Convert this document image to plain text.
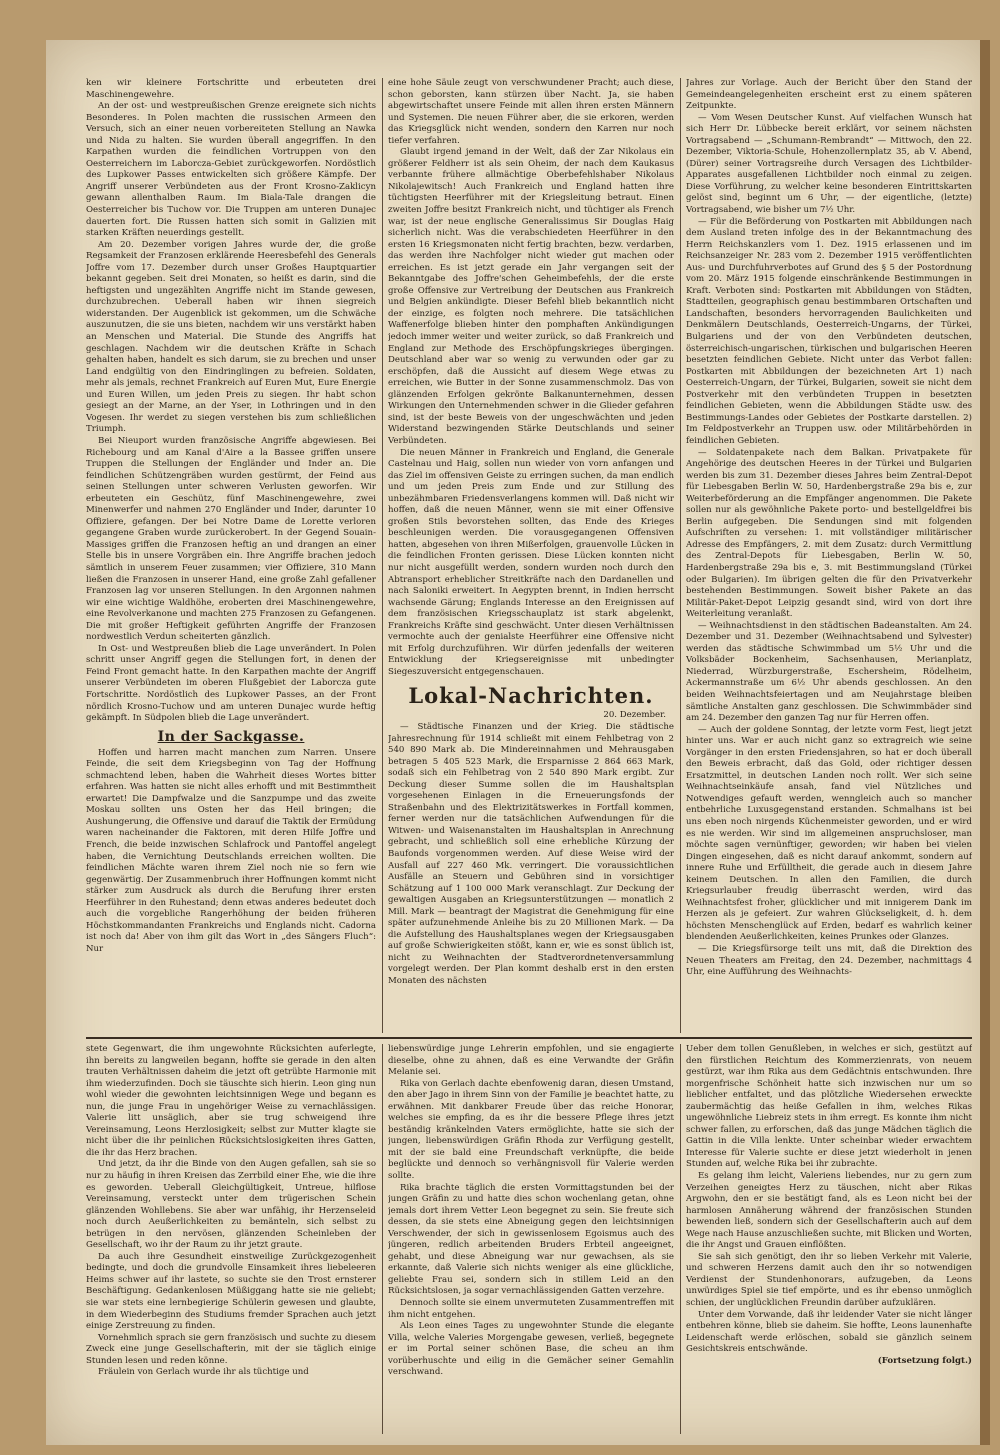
ken wir kleinere Fortschritte und erbeuteten drei Maschinengewehre.

An der ost- und westpreußischen Grenze ereignete sich nichts Besonderes. In Polen machten die russischen Armeen den Versuch, sich an einer neuen vorbereiteten Stellung an Nawka und Nida zu halten. Sie wurden überall angegriffen. In den Karpathen wurden die feindlichen Vortruppen von den Oesterreichern im Laborcza-Gebiet zurückgeworfen. Nordöstlich des Lupkower Passes entwickelten sich größere Kämpfe. Der Angriff unserer Verbündeten aus der Front Krosno-Zaklicyn gewann allenthalben Raum. Im Biala-Tale drangen die Oesterreicher bis Tuchow vor. Die Truppen am unteren Dunajec dauerten fort. Die Russen hatten sich somit in Galizien mit starken Kräften neuerdings gestellt.

Am 20. Dezember vorigen Jahres wurde der, die große Regsamkeit der Franzosen erklärende Heeresbefehl des Generals Joffre vom 17. Dezember durch unser Großes Hauptquartier bekannt gegeben. Seit drei Monaten, so heißt es darin, sind die heftigsten und ungezählten Angriffe nicht im Stande gewesen, durchzubrechen. Ueberall haben wir ihnen siegreich widerstanden. Der Augenblick ist gekommen, um die Schwäche auszunutzen, die sie uns bieten, nachdem wir uns verstärkt haben an Menschen und Material. Die Stunde des Angriffs hat geschlagen. Nachdem wir die deutschen Kräfte in Schach gehalten haben, handelt es sich darum, sie zu brechen und unser Land endgültig von den Eindringlingen zu befreien. Soldaten, mehr als jemals, rechnet Frankreich auf Euren Mut, Eure Energie und Euren Willen, um jeden Preis zu siegen. Ihr habt schon gesiegt an der Marne, an der Yser, in Lothringen und in den Vogesen. Ihr werdet zu siegen verstehen bis zum schließlichen Triumph.

Bei Nieuport wurden französische Angriffe abgewiesen. Bei Richebourg und am Kanal d'Aire a la Bassee griffen unsere Truppen die Stellungen der Engländer und Inder an. Die feindlichen Schützengräben wurden gestürmt, der Feind aus seinen Stellungen unter schweren Verlusten geworfen. Wir erbeuteten ein Geschütz, fünf Maschinengewehre, zwei Minenwerfer und nahmen 270 Engländer und Inder, darunter 10 Offiziere, gefangen. Der bei Notre Dame de Lorette verloren gegangene Graben wurde zurückerobert. In der Gegend Souain-Massiges griffen die Franzosen heftig an und drangen an einer Stelle bis in unsere Vorgräben ein. Ihre Angriffe brachen jedoch sämtlich in unserem Feuer zusammen; vier Offiziere, 310 Mann ließen die Franzosen in unserer Hand, eine große Zahl gefallener Franzosen lag vor unseren Stellungen. In den Argonnen nahmen wir eine wichtige Waldhöhe, eroberten drei Maschinengewehre, eine Revolverkanone und machten 275 Franzosen zu Gefangenen. Die mit großer Heftigkeit geführten Angriffe der Franzosen nordwestlich Verdun scheiterten gänzlich.

In Ost- und Westpreußen blieb die Lage unverändert. In Polen schritt unser Angriff gegen die Stellungen fort, in denen der Feind Front gemacht hatte. In den Karpathen machte der Angriff unserer Verbündeten im oberen Flußgebiet der Laborcza gute Fortschritte. Nordöstlich des Lupkower Passes, an der Front nördlich Krosno-Tuchow und am unteren Dunajec wurde heftig gekämpft. In Südpolen blieb die Lage unverändert.

In der Sackgasse.

Hoffen und harren macht manchen zum Narren. Unsere Feinde, die seit dem Kriegsbeginn von Tag der Hoffnung schmachtend leben, haben die Wahrheit dieses Wortes bitter erfahren. Was hatten sie nicht alles erhofft und mit Bestimmtheit erwartet! Die Dampfwalze und die Sanzpumpe und das zweite Moskau sollten uns Osten her das Heil bringen; die Aushungerung, die Offensive und darauf die Taktik der Ermüdung waren nacheinander die Faktoren, mit deren Hilfe Joffre und French, die beide inzwischen Schlafrock und Pantoffel angelegt haben, die Vernichtung Deutschlands erreichen wollten. Die feindlichen Mächte waren ihrem Ziel noch nie so fern wie gegenwärtig. Der Zusammenbruch ihrer Hoffnungen kommt nicht stärker zum Ausdruck als durch die Berufung ihrer ersten Heerführer in den Ruhestand; denn etwas anderes bedeutet doch auch die vorgebliche Rangerhöhung der beiden früheren Höchstkommandanten Frankreichs und Englands nicht. Cadorna ist noch da! Aber von ihm gilt das Wort in „des Sängers Fluch“: Nur

eine hohe Säule zeugt von verschwundener Pracht; auch diese, schon geborsten, kann stürzen über Nacht. Ja, sie haben abgewirtschaftet unsere Feinde mit allen ihren ersten Männern und Systemen. Die neuen Führer aber, die sie erkoren, werden das Kriegsglück nicht wenden, sondern den Karren nur noch tiefer verfahren.

Glaubt irgend jemand in der Welt, daß der Zar Nikolaus ein größerer Feldherr ist als sein Oheim, der nach dem Kaukasus verbannte frühere allmächtige Oberbefehlshaber Nikolaus Nikolajewitsch! Auch Frankreich und England hatten ihre tüchtigsten Heerführer mit der Kriegsleitung betraut. Einen zweiten Joffre besitzt Frankreich nicht, und tüchtiger als French war, ist der neue englische Generalissimus Sir Douglas Haig sicherlich nicht. Was die verabschiedeten Heerführer in den ersten 16 Kriegsmonaten nicht fertig brachten, bezw. verdarben, das werden ihre Nachfolger nicht wieder gut machen oder erreichen. Es ist jetzt gerade ein Jahr vergangen seit der Bekanntgabe des Joffre'schen Geheimbefehls, der die erste große Offensive zur Vertreibung der Deutschen aus Frankreich und Belgien ankündigte. Dieser Befehl blieb bekanntlich nicht der einzige, es folgten noch mehrere. Die tatsächlichen Waffenerfolge blieben hinter den pomphaften Ankündigungen jedoch immer weiter und weiter zurück, so daß Frankreich und England zur Methode des Erschöpfungskrieges übergingen. Deutschland aber war so wenig zu verwunden oder gar zu erschöpfen, daß die Aussicht auf diesem Wege etwas zu erreichen, wie Butter in der Sonne zusammenschmolz. Das von glänzenden Erfolgen gekrönte Balkanunternehmen, dessen Wirkungen den Unternehmenden schwer in die Glieder gefahren sind, ist der beste Beweis von der ungeschwächten und jeden Widerstand bezwingenden Stärke Deutschlands und seiner Verbündeten.

Die neuen Männer in Frankreich und England, die Generale Castelnau und Haig, sollen nun wieder von vorn anfangen und das Ziel im offensiven Geiste zu erringen suchen, da man endlich und um jeden Preis zum Ende und zur Stillung des unbezähmbaren Friedensverlangens kommen will. Daß nicht wir hoffen, daß die neuen Männer, wenn sie mit einer Offensive großen Stils bevorstehen sollten, das Ende des Krieges beschleunigen werden. Die vorausgegangenen Offensiven hatten, abgesehen von ihren Mißerfolgen, grauenvolle Lücken in die feindlichen Fronten gerissen. Diese Lücken konnten nicht nur nicht ausgefüllt werden, sondern wurden noch durch den Abtransport erheblicher Streitkräfte nach den Dardanellen und nach Saloniki erweitert. In Aegypten brennt, in Indien herrscht wachsende Gärung; Englands Interesse an den Ereignissen auf dem französischen Kriegsschauplatz ist stark abgelenkt, Frankreichs Kräfte sind geschwächt. Unter diesen Verhältnissen vermochte auch der genialste Heerführer eine Offensive nicht mit Erfolg durchzuführen. Wir dürfen jedenfalls der weiteren Entwicklung der Kriegsereignisse mit unbedingter Siegeszuversicht entgegenschauen.

Lokal-Nachrichten.
20. Dezember.

— Städtische Finanzen und der Krieg. Die städtische Jahresrechnung für 1914 schließt mit einem Fehlbetrag von 2 540 890 Mark ab. Die Mindereinnahmen und Mehrausgaben betragen 5 405 523 Mark, die Ersparnisse 2 864 663 Mark, sodaß sich ein Fehlbetrag von 2 540 890 Mark ergibt. Zur Deckung dieser Summe sollen die im Haushaltsplan vorgesehenen Einlagen in die Erneuerungsfonds der Straßenbahn und des Elektrizitätswerkes in Fortfall kommen, ferner werden nur die tatsächlichen Aufwendungen für die Witwen- und Waisenanstalten im Haushaltsplan in Anrechnung gebracht, und schließlich soll eine erhebliche Kürzung der Baufonds vorgenommen werden. Auf diese Weise wird der Ausfall auf 227 460 Mk. verringert. Die voraussichtlichen Ausfälle an Steuern und Gebühren sind in vorsichtiger Schätzung auf 1 100 000 Mark veranschlagt. Zur Deckung der gewaltigen Ausgaben an Kriegsunterstützungen — monatlich 2 Mill. Mark — beantragt der Magistrat die Genehmigung für eine später aufzunehmende Anleihe bis zu 20 Millionen Mark. — Da die Aufstellung des Haushaltsplanes wegen der Kriegsausgaben auf große Schwierigkeiten stößt, kann er, wie es sonst üblich ist, nicht zu Weihnachten der Stadtverordnetenversammlung vorgelegt werden. Der Plan kommt deshalb erst in den ersten Monaten des nächsten

Jahres zur Vorlage. Auch der Bericht über den Stand der Gemeindeangelegenheiten erscheint erst zu einem späteren Zeitpunkte.

— Vom Wesen Deutscher Kunst. Auf vielfachen Wunsch hat sich Herr Dr. Lübbecke bereit erklärt, vor seinem nächsten Vortragsabend — „Schumann-Rembrandt“ — Mittwoch, den 22. Dezember, Viktoria-Schule, Hohenzollernplatz 35, ab V. Abend, (Dürer) seiner Vortragsreihe durch Versagen des Lichtbilder-Apparates ausgefallenen Lichtbilder noch einmal zu zeigen. Diese Vorführung, zu welcher keine besonderen Eintrittskarten gelöst sind, beginnt um 6 Uhr, — der eigentliche, (letzte) Vortragsabend, wie bisher um 7½ Uhr.

— Für die Beförderung von Postkarten mit Abbildungen nach dem Ausland treten infolge des in der Bekanntmachung des Herrn Reichskanzlers vom 1. Dez. 1915 erlassenen und im Reichsanzeiger Nr. 283 vom 2. Dezember 1915 veröffentlichten Aus- und Durchfuhrverbotes auf Grund des § 5 der Postordnung vom 20. März 1915 folgende einschränkende Bestimmungen in Kraft. Verboten sind: Postkarten mit Abbildungen von Städten, Stadtteilen, geographisch genau bestimmbaren Ortschaften und Landschaften, besonders hervorragenden Baulichkeiten und Denkmälern Deutschlands, Oesterreich-Ungarns, der Türkei, Bulgariens und der von den Verbündeten deutschen, österreichisch-ungarischen, türkischen und bulgarischen Heeren besetzten feindlichen Gebiete. Nicht unter das Verbot fallen: Postkarten mit Abbildungen der bezeichneten Art 1) nach Oesterreich-Ungarn, der Türkei, Bulgarien, soweit sie nicht dem Postverkehr mit den verbündeten Truppen in besetzten feindlichen Gebieten, wenn die Abbildungen Städte usw. des Bestimmungs-Landes oder Gebietes der Postkarte darstellen. 2) Im Feldpostverkehr an Truppen usw. oder Militärbehörden in feindlichen Gebieten.

— Soldatenpakete nach dem Balkan. Privatpakete für Angehörige des deutschen Heeres in der Türkei und Bulgarien werden bis zum 31. Dezember dieses Jahres beim Zentral-Depot für Liebesgaben Berlin W. 50, Hardenbergstraße 29a bis e, zur Weiterbeförderung an die Empfänger angenommen. Die Pakete sollen nur als gewöhnliche Pakete porto- und bestellgeldfrei bis Berlin aufgegeben. Die Sendungen sind mit folgenden Aufschriften zu versehen: 1. mit vollständiger militärischer Adresse des Empfängers, 2. mit dem Zusatz: durch Vermittlung des Zentral-Depots für Liebesgaben, Berlin W. 50, Hardenbergstraße 29a bis e, 3. mit Bestimmungsland (Türkei oder Bulgarien). Im übrigen gelten die für den Privatverkehr bestehenden Bestimmungen. Soweit bisher Pakete an das Militär-Paket-Depot Leipzig gesandt sind, wird von dort ihre Weiterleitung veranlaßt.

— Weihnachtsdienst in den städtischen Badeanstalten. Am 24. Dezember und 31. Dezember (Weihnachtsabend und Sylvester) werden das städtische Schwimmbad um 5½ Uhr und die Volksbäder Bockenheim, Sachsenhausen, Merianplatz, Niederrad, Würzburgerstraße, Eschersheim, Rödelheim, Ackermannstraße um 6½ Uhr abends geschlossen. An den beiden Weihnachtsfeiertagen und am Neujahrstage bleiben sämtliche Anstalten ganz geschlossen. Die Schwimmbäder sind am 24. Dezember den ganzen Tag nur für Herren offen.

— Auch der goldene Sonntag, der letzte vorm Fest, liegt jetzt hinter uns. War er auch nicht ganz so extragreich wie seine Vorgänger in den ersten Friedensjahren, so hat er doch überall den Beweis erbracht, daß das Gold, oder richtiger dessen Ersatzmittel, in deutschen Landen noch rollt. Wer sich seine Weihnachtseinkäufe ansah, fand viel Nützliches und Notwendiges gefauft werden, wenngleich auch so mancher entbehrliche Luxusgegenstand erstanden. Schmalhans ist bei uns eben noch nirgends Küchenmeister geworden, und er wird es nie werden. Wir sind im allgemeinen anspruchsloser, man möchte sagen vernünftiger, geworden; wir haben bei vielen Dingen eingesehen, daß es nicht darauf ankommt, sondern auf innere Ruhe und Erfülltheit, die gerade auch in diesem Jahre keinem Deutschen. In allen den Familien, die durch Kriegsurlauber freudig überrascht werden, wird das Weihnachtsfest froher, glücklicher und mit innigerem Dank im Herzen als je gefeiert. Zur wahren Glückseligkeit, d. h. dem höchsten Menschenglück auf Erden, bedarf es wahrlich keiner blendenden Aeußerlichkeiten, keines Prunkes oder Glanzes.

— Die Kriegsfürsorge teilt uns mit, daß die Direktion des Neuen Theaters am Freitag, den 24. Dezember, nachmittags 4 Uhr, eine Aufführung des Weihnachts-

stete Gegenwart, die ihm ungewohnte Rücksichten auferlegte, ihn bereits zu langweilen begann, hoffte sie gerade in den alten trauten Verhältnissen daheim die jetzt oft getrübte Harmonie mit ihm wiederzufinden. Doch sie täuschte sich hierin. Leon ging nun wohl wieder die gewohnten leichtsinnigen Wege und begann es nun, die junge Frau in ungehöriger Weise zu vernachlässigen. Valerie litt unsäglich, aber sie trug schweigend ihre Vereinsamung, Leons Herzlosigkeit; selbst zur Mutter klagte sie nicht über die ihr peinlichen Rücksichtslosigkeiten ihres Gatten, die ihr das Herz brachen.

Und jetzt, da ihr die Binde von den Augen gefallen, sah sie so nur zu häufig in ihren Kreisen das Zerrbild einer Ehe, wie die ihre es geworden. Ueberall Gleichgültigkeit, Untreue, hilflose Vereinsamung, versteckt unter dem trügerischen Schein glänzenden Wohllebens. Sie aber war unfähig, ihr Herzenseleid noch durch Aeußerlichkeiten zu bemänteln, sich selbst zu betrügen in den nervösen, glänzenden Scheinleben der Gesellschaft, wo ihr der Raum zu ihr jetzt graute.

Da auch ihre Gesundheit einstweilige Zurückgezogenheit bedingte, und doch die grundvolle Einsamkeit ihres liebeleeren Heims schwer auf ihr lastete, so suchte sie den Trost ernsterer Beschäftigung. Gedankenlosen Müßiggang hatte sie nie geliebt; sie war stets eine lernbegierige Schülerin gewesen und glaubte, in dem Wiederbeginn des Studiums fremder Sprachen auch jetzt einige Zerstreuung zu finden.

Vornehmlich sprach sie gern französisch und suchte zu diesem Zweck eine junge Gesellschafterin, mit der sie täglich einige Stunden lesen und reden könne.

Fräulein von Gerlach wurde ihr als tüchtige und

liebenswürdige junge Lehrerin empfohlen, und sie engagierte dieselbe, ohne zu ahnen, daß es eine Verwandte der Gräfin Melanie sei.

Rika von Gerlach dachte ebenfowenig daran, diesen Umstand, den aber Jago in ihrem Sinn von der Familie je beachtet hatte, zu erwähnen. Mit dankbarer Freude über das reiche Honorar, welches sie empfing, da es ihr die bessere Pflege ihres jetzt beständig kränkelnden Vaters ermöglichte, hatte sie sich der jungen, liebenswürdigen Gräfin Rhoda zur Verfügung gestellt, mit der sie bald eine Freundschaft verknüpfte, die beide beglückte und dennoch so verhängnisvoll für Valerie werden sollte.

Rika brachte täglich die ersten Vormittagstunden bei der jungen Gräfin zu und hatte dies schon wochenlang getan, ohne jemals dort ihrem Vetter Leon begegnet zu sein. Sie freute sich dessen, da sie stets eine Abneigung gegen den leichtsinnigen Verschwender, der sich in gewissenlosem Egoismus auch des jüngeren, redlich arbeitenden Bruders Erbteil angeeignet, gehabt, und diese Abneigung war nur gewachsen, als sie erkannte, daß Valerie sich nichts weniger als eine glückliche, geliebte Frau sei, sondern sich in stillem Leid an den Rücksichtslosen, ja sogar vernachlässigenden Gatten verzehre.

Dennoch sollte sie einem unvermuteten Zusammentreffen mit ihm nicht entgehen.

Als Leon eines Tages zu ungewohnter Stunde die elegante Villa, welche Valeries Morgengabe gewesen, verließ, begegnete er im Portal seiner schönen Base, die scheu an ihm vorüberhuschte und eilig in die Gemächer seiner Gemahlin verschwand.

Ueber dem tollen Genußleben, in welches er sich, gestützt auf den fürstlichen Reichtum des Kommerzienrats, von neuem gestürzt, war ihm Rika aus dem Gedächtnis entschwunden. Ihre morgenfrische Schönheit hatte sich inzwischen nur um so lieblicher entfaltet, und das plötzliche Wiedersehen erweckte zaubermächtig das heiße Gefallen in ihm, welches Rikas ungewöhnliche Liebreiz stets in ihm erregt. Es konnte ihm nicht schwer fallen, zu erforschen, daß das junge Mädchen täglich die Gattin in die Villa lenkte. Unter scheinbar wieder erwachtem Interesse für Valerie suchte er diese jetzt wiederholt in jenen Stunden auf, welche Rika bei ihr zubrachte.

Es gelang ihm leicht, Valeriens liebendes, nur zu gern zum Verzeihen geneigtes Herz zu täuschen, nicht aber Rikas Argwohn, den er sie bestätigt fand, als es Leon nicht bei der harmlosen Annäherung während der französischen Stunden bewenden ließ, sondern sich der Gesellschafterin auch auf dem Wege nach Hause anzuschließen suchte, mit Blicken und Worten, die ihr Angst und Grauen einflößten.

Sie sah sich genötigt, den ihr so lieben Verkehr mit Valerie, und schweren Herzens damit auch den ihr so notwendigen Verdienst der Stundenhonorars, aufzugeben, da Leons unwürdiges Spiel sie tief empörte, und es ihr ebenso unmöglich schien, der unglücklichen Freundin darüber aufzuklären.

Unter dem Vorwande, daß ihr leidender Vater sie nicht länger entbehren könne, blieb sie daheim. Sie hoffte, Leons launenhafte Leidenschaft werde erlöschen, sobald sie gänzlich seinem Gesichtskreis entschwände.

(Fortsetzung folgt.)
